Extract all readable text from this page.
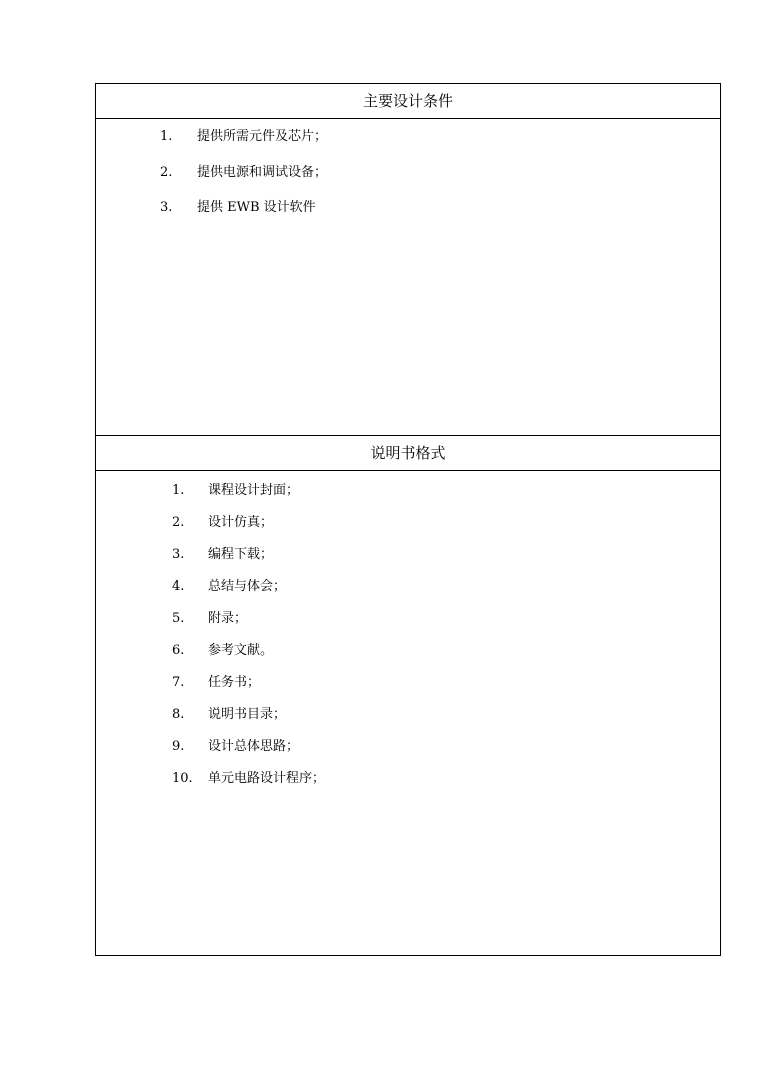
主要设计条件
1. 提供所需元件及芯片；
2. 提供电源和调试设备；
3. 提供 EWB 设计软件
说明书格式
1. 课程设计封面；
2. 设计仿真；
3. 编程下载；
4. 总结与体会；
5. 附录；
6. 参考文献。
7. 任务书；
8. 说明书目录；
9. 设计总体思路；
10. 单元电路设计程序；
